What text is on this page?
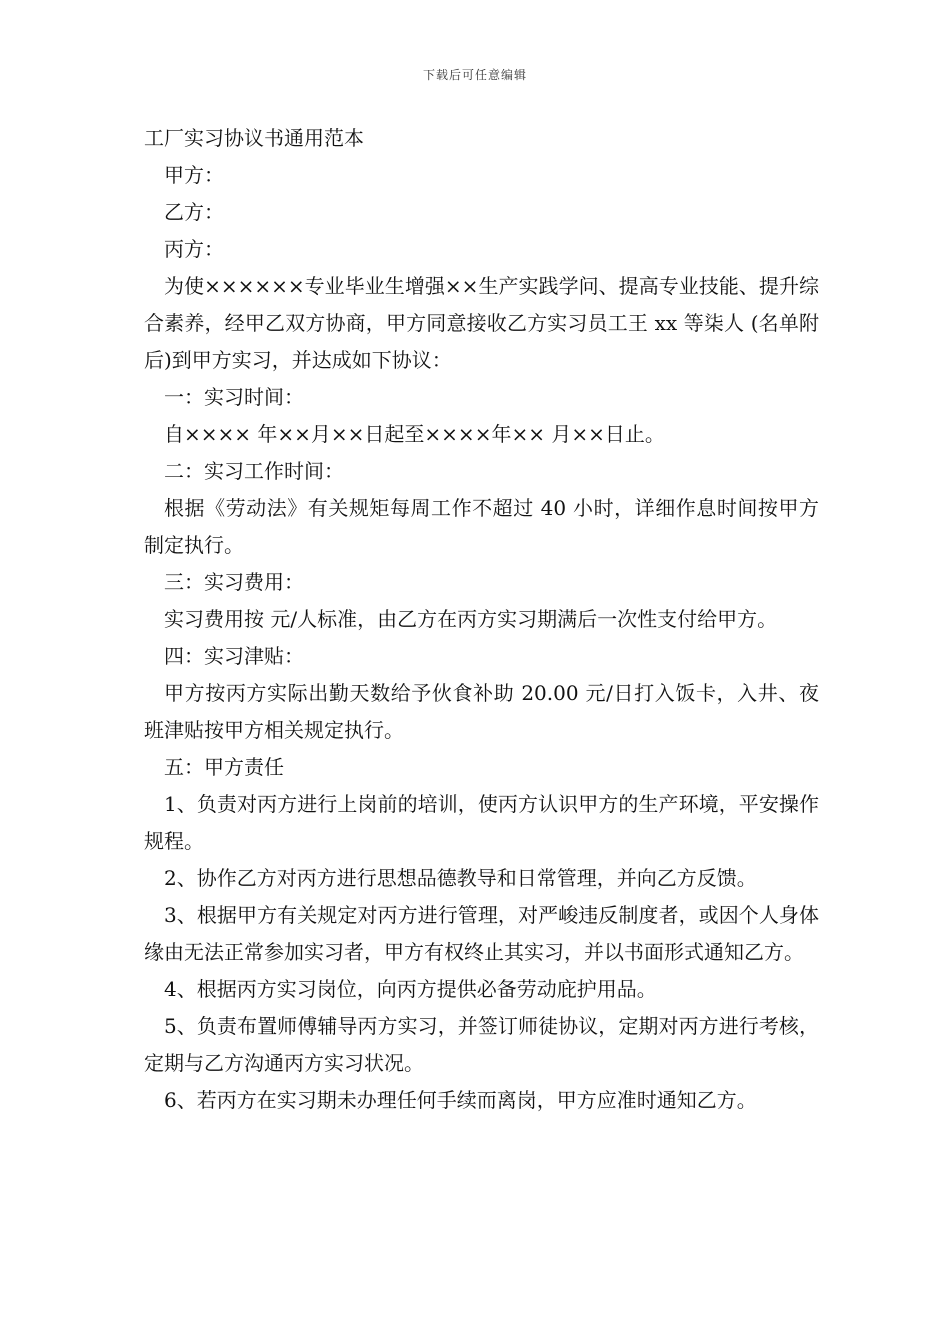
下载后可任意编辑
工厂实习协议书通用范本

甲方：

乙方：

丙方：

为使××××××专业毕业生增强××生产实践学问、提高专业技能、提升综合素养，经甲乙双方协商，甲方同意接收乙方实习员工王 xx 等柒人 (名单附后)到甲方实习，并达成如下协议：

一：实习时间：

自×××× 年××月××日起至××××年×× 月××日止。

二：实习工作时间：

根据《劳动法》有关规矩每周工作不超过 40 小时，详细作息时间按甲方制定执行。

三：实习费用：

实习费用按 元/人标准，由乙方在丙方实习期满后一次性支付给甲方。

四：实习津贴：

甲方按丙方实际出勤天数给予伙食补助 20.00 元/日打入饭卡，入井、夜班津贴按甲方相关规定执行。

五：甲方责任

1、负责对丙方进行上岗前的培训，使丙方认识甲方的生产环境，平安操作规程。

2、协作乙方对丙方进行思想品德教导和日常管理，并向乙方反馈。

3、根据甲方有关规定对丙方进行管理，对严峻违反制度者，或因个人身体缘由无法正常参加实习者，甲方有权终止其实习，并以书面形式通知乙方。

4、根据丙方实习岗位，向丙方提供必备劳动庇护用品。

5、负责布置师傅辅导丙方实习，并签订师徒协议，定期对丙方进行考核，定期与乙方沟通丙方实习状况。

6、若丙方在实习期未办理任何手续而离岗，甲方应准时通知乙方。
